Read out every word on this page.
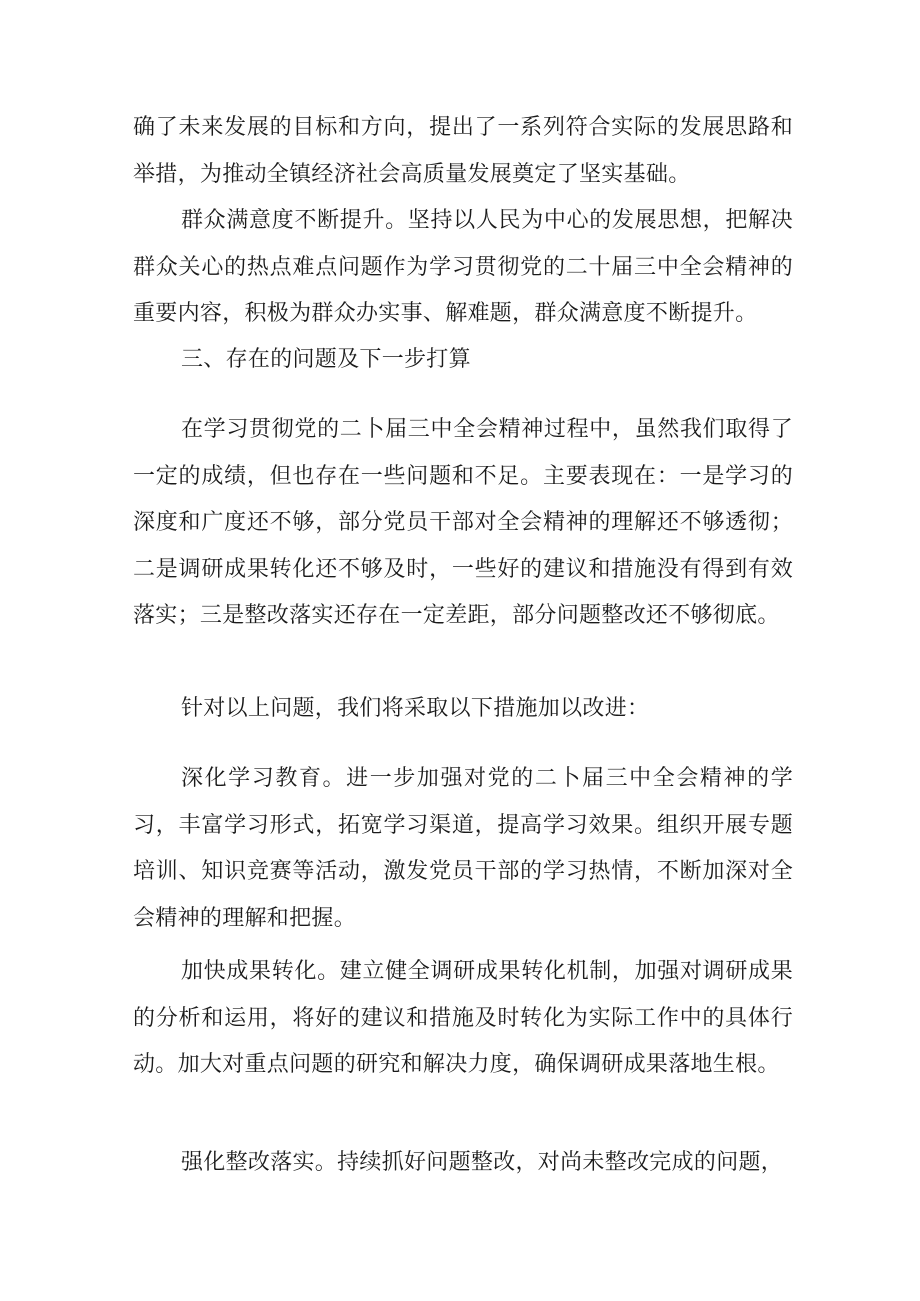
确了未来发展的目标和方向，提出了一系列符合实际的发展思路和举措，为推动全镇经济社会高质量发展奠定了坚实基础。

群众满意度不断提升。坚持以人民为中心的发展思想，把解决群众关心的热点难点问题作为学习贯彻党的二十届三中全会精神的重要内容，积极为群众办实事、解难题，群众满意度不断提升。

三、存在的问题及下一步打算

在学习贯彻党的二卜届三中全会精神过程中，虽然我们取得了一定的成绩，但也存在一些问题和不足。主要表现在：一是学习的深度和广度还不够，部分党员干部对全会精神的理解还不够透彻；二是调研成果转化还不够及时，一些好的建议和措施没有得到有效落实；三是整改落实还存在一定差距，部分问题整改还不够彻底。

针对以上问题，我们将采取以下措施加以改进：

深化学习教育。进一步加强对党的二卜届三中全会精神的学习，丰富学习形式，拓宽学习渠道，提高学习效果。组织开展专题培训、知识竞赛等活动，激发党员干部的学习热情，不断加深对全会精神的理解和把握。

加快成果转化。建立健全调研成果转化机制，加强对调研成果的分析和运用，将好的建议和措施及时转化为实际工作中的具体行动。加大对重点问题的研究和解决力度，确保调研成果落地生根。

强化整改落实。持续抓好问题整改，对尚未整改完成的问题，
